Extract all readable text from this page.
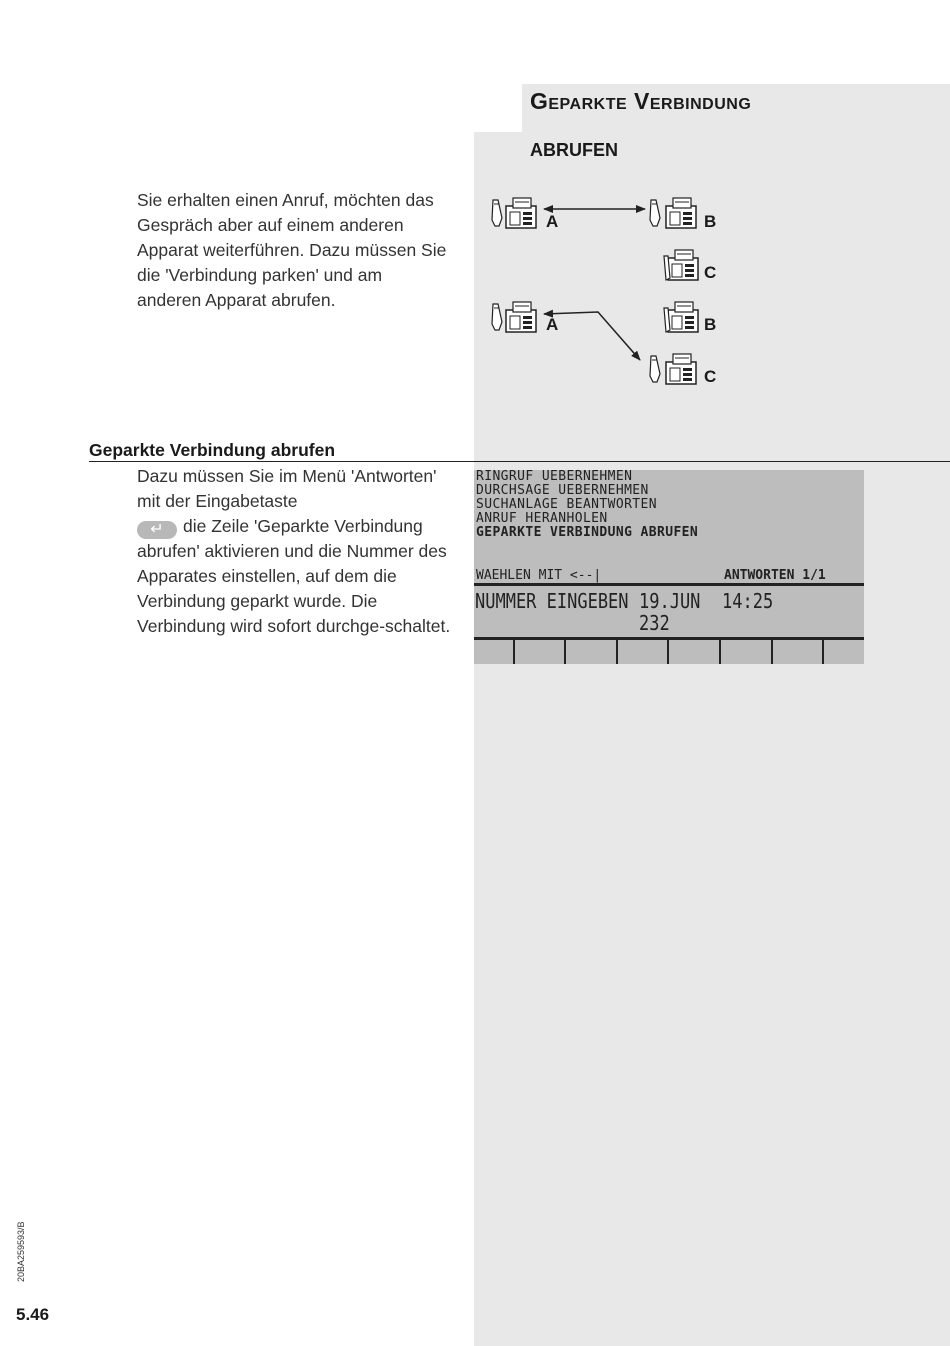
Geparkte Verbindung
ABRUFEN

Sie erhalten einen Anruf, möchten das Gespräch aber auf einem anderen Apparat weiterführen. Dazu müssen Sie die 'Verbindung parken' und am anderen Apparat abrufen.

A	B
C
A	B
C
Geparkte Verbindung abrufen

Dazu müssen Sie im Menü 'Antworten' mit der Eingabetaste
↵ die Zeile 'Geparkte Verbindung abrufen' aktivieren und die Nummer des Apparates einstellen, auf dem die Verbindung geparkt wurde. Die Verbindung wird sofort durchge-schaltet.

RINGRUF UEBERNEHMEN
DURCHSAGE UEBERNEHMEN
SUCHANLAGE BEANTWORTEN
ANRUF HERANHOLEN
GEPARKTE VERBINDUNG ABRUFEN
WAEHLEN MIT <--|	ANTWORTEN 1/1
NUMMER EINGEBEN 19.JUN 14:25
232
20BA259593/B

5.46
